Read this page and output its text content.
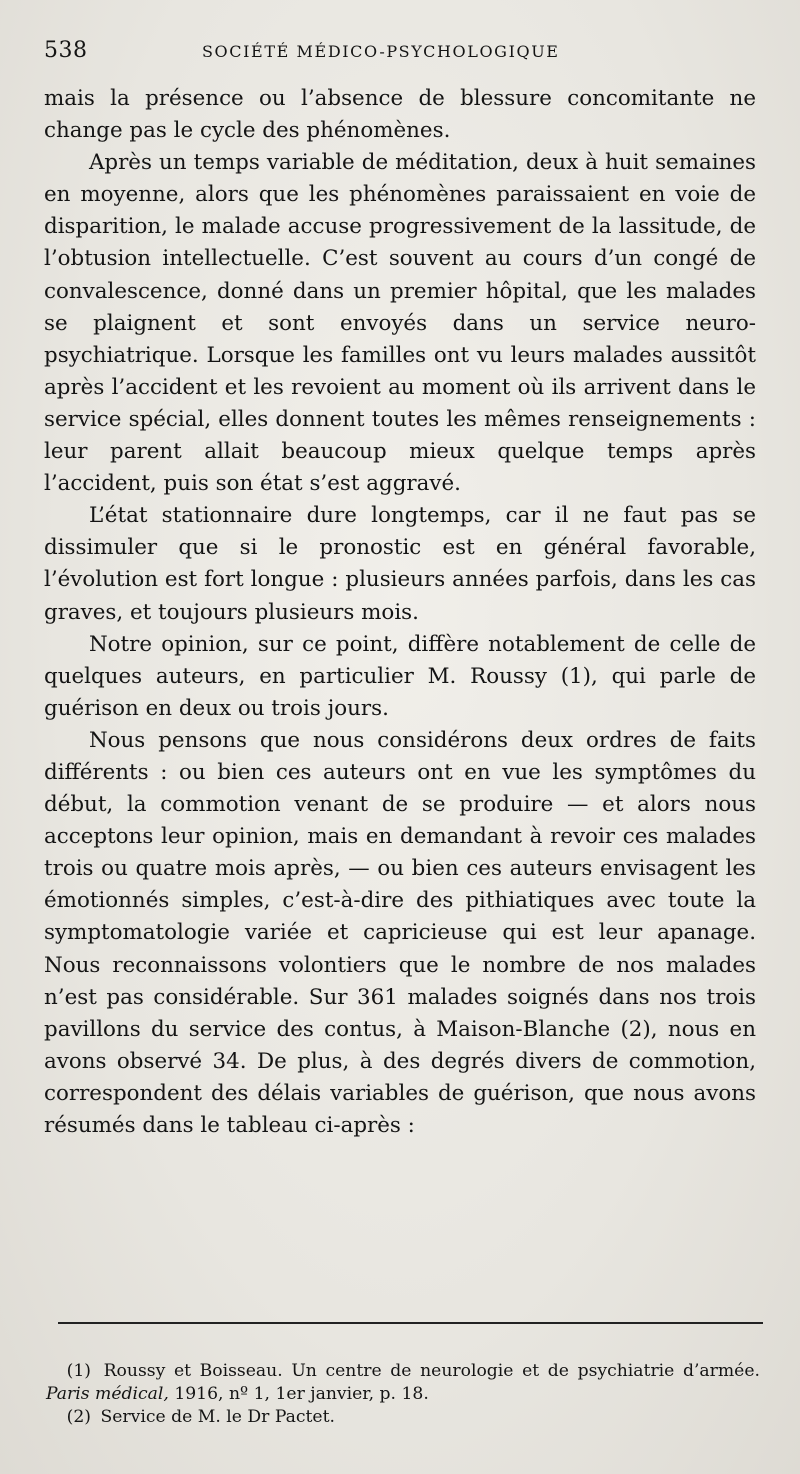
538	SOCIÉTÉ MÉDICO-PSYCHOLOGIQUE

mais la présence ou l’absence de blessure concomitante ne change pas le cycle des phénomènes.

Après un temps variable de méditation, deux à huit semaines en moyenne, alors que les phénomènes paraissaient en voie de disparition, le malade accuse progressivement de la lassitude, de l’obtusion intellectuelle. C’est souvent au cours d’un congé de convalescence, donné dans un premier hôpital, que les malades se plaignent et sont envoyés dans un service neuro-psychiatrique. Lorsque les familles ont vu leurs malades aussitôt après l’accident et les revoient au moment où ils arrivent dans le service spécial, elles donnent toutes les mêmes renseignements : leur parent allait beaucoup mieux quelque temps après l’accident, puis son état s’est aggravé.

L’état stationnaire dure longtemps, car il ne faut pas se dissimuler que si le pronostic est en général favorable, l’évolution est fort longue : plusieurs années parfois, dans les cas graves, et toujours plusieurs mois.

Notre opinion, sur ce point, diffère notablement de celle de quelques auteurs, en particulier M. Roussy (1), qui parle de guérison en deux ou trois jours.

Nous pensons que nous considérons deux ordres de faits différents : ou bien ces auteurs ont en vue les symptômes du début, la commotion venant de se produire — et alors nous acceptons leur opinion, mais en demandant à revoir ces malades trois ou quatre mois après, — ou bien ces auteurs envisagent les émotionnés simples, c’est-à-dire des pithiatiques avec toute la symptomatologie variée et capricieuse qui est leur apanage. Nous reconnaissons volontiers que le nombre de nos malades n’est pas considérable. Sur 361 malades soignés dans nos trois pavillons du service des contus, à Maison-Blanche (2), nous en avons observé 34. De plus, à des degrés divers de commotion, correspondent des délais variables de guérison, que nous avons résumés dans le tableau ci-après :

(1) Roussy et Boisseau. Un centre de neurologie et de psychiatrie d’armée. Paris médical, 1916, nº 1, 1er janvier, p. 18.

(2) Service de M. le Dr Pactet.
